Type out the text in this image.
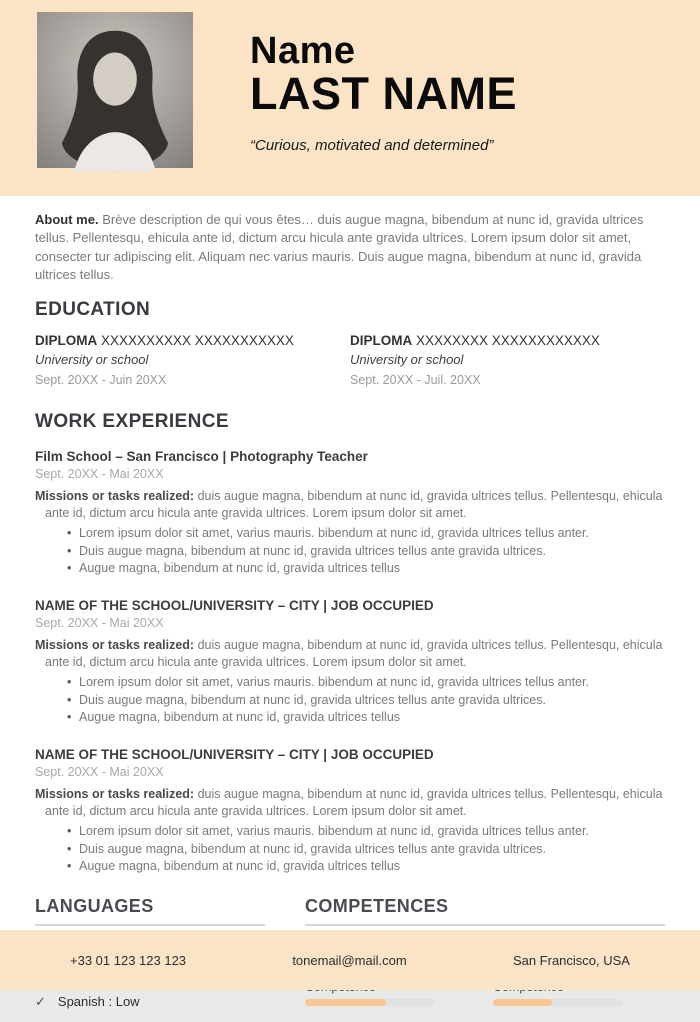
Name
LAST NAME
“Curious, motivated and determined”

About me. Brève description de qui vous êtes… duis augue magna, bibendum at nunc id, gravida ultrices tellus. Pellentesqu, ehicula ante id, dictum arcu hicula ante gravida ultrices. Lorem ipsum dolor sit amet, consecter tur adipiscing elit. Aliquam nec varius mauris. Duis augue magna, bibendum at nunc id, gravida ultrices tellus.

EDUCATION
DIPLOMA XXXXXXXXXX XXXXXXXXXXX
University or school
Sept. 20XX - Juin 20XX
DIPLOMA XXXXXXXX XXXXXXXXXXXX
University or school
Sept. 20XX - Juil. 20XX
WORK EXPERIENCE
Film School – San Francisco | Photography Teacher
Sept. 20XX - Mai 20XX

Missions or tasks realized: duis augue magna, bibendum at nunc id, gravida ultrices tellus. Pellentesqu, ehicula ante id, dictum arcu hicula ante gravida ultrices. Lorem ipsum dolor sit amet.

• Lorem ipsum dolor sit amet, varius mauris. bibendum at nunc id, gravida ultrices tellus anter.
• Duis augue magna, bibendum at nunc id, gravida ultrices tellus ante gravida ultrices.
• Augue magna, bibendum at nunc id, gravida ultrices tellus
NAME OF THE SCHOOL/UNIVERSITY – CITY | JOB OCCUPIED
Sept. 20XX - Mai 20XX

Missions or tasks realized: duis augue magna, bibendum at nunc id, gravida ultrices tellus. Pellentesqu, ehicula ante id, dictum arcu hicula ante gravida ultrices. Lorem ipsum dolor sit amet.

• Lorem ipsum dolor sit amet, varius mauris. bibendum at nunc id, gravida ultrices tellus anter.
• Duis augue magna, bibendum at nunc id, gravida ultrices tellus ante gravida ultrices.
• Augue magna, bibendum at nunc id, gravida ultrices tellus
NAME OF THE SCHOOL/UNIVERSITY – CITY | JOB OCCUPIED
Sept. 20XX - Mai 20XX

Missions or tasks realized: duis augue magna, bibendum at nunc id, gravida ultrices tellus. Pellentesqu, ehicula ante id, dictum arcu hicula ante gravida ultrices. Lorem ipsum dolor sit amet.

• Lorem ipsum dolor sit amet, varius mauris. bibendum at nunc id, gravida ultrices tellus anter.
• Duis augue magna, bibendum at nunc id, gravida ultrices tellus ante gravida ultrices.
• Augue magna, bibendum at nunc id, gravida ultrices tellus
LANGUAGES
✓ Spanish : Low
COMPETENCES
+33 01 123 123 123	tonemail@mail.com	San Francisco, USA
